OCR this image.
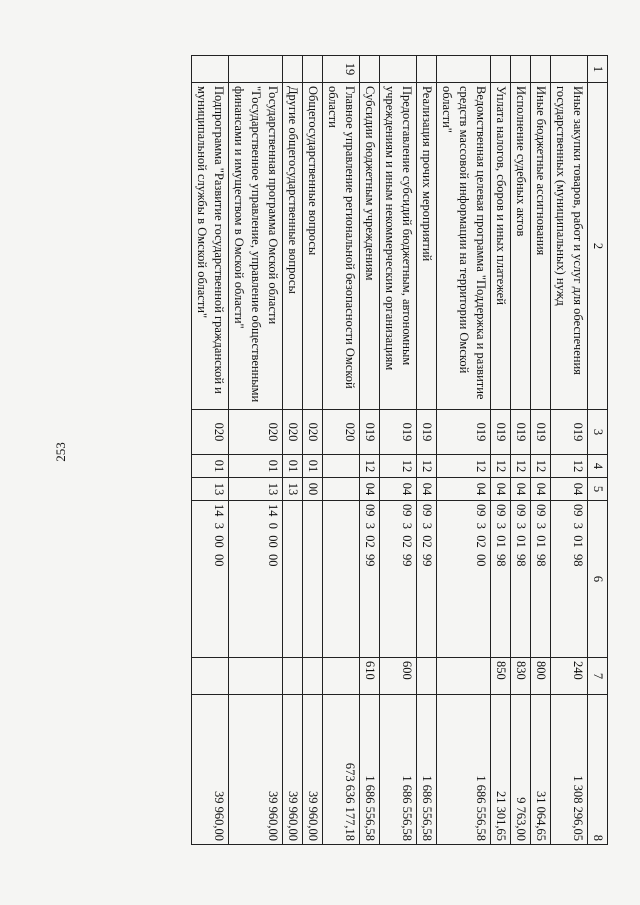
253
1	2	3	4	5	6	7	8
	Иные закупки товаров, работ и услуг для обеспечения государственных (муниципальных) нужд	019	12	04	09  3  01  98	240	1 308 296,05
	Иные бюджетные ассигнования	019	12	04	09  3  01  98	800	31 064,65
	Исполнение судебных актов	019	12	04	09  3  01  98	830	9 763,00
	Уплата налогов, сборов и иных платежей	019	12	04	09  3  01  98	850	21 301,65
	Ведомственная целевая программа "Поддержка и развитие средств массовой информации на территории Омской области"	019	12	04	09  3  02  00		1 686 556,58
	Реализация прочих мероприятий	019	12	04	09  3  02  99		1 686 556,58
	Предоставление субсидий бюджетным, автономным учреждениям и иным некоммерческим организациям	019	12	04	09  3  02  99	600	1 686 556,58
	Субсидии бюджетным учреждениям	019	12	04	09  3  02  99	610	1 686 556,58
19	Главное управление региональной безопасности Омской области	020					673 636 177,18
	Общегосударственные вопросы	020	01	00			39 960,00
	Другие общегосударственные вопросы	020	01	13			39 960,00
	Государственная программа Омской области "Государственное управление, управление общественными финансами и имуществом в Омской области"	020	01	13	14  0  00  00		39 960,00
	Подпрограмма "Развитие государственной гражданской и муниципальной службы в Омской области"	020	01	13	14  3  00  00		39 960,00
